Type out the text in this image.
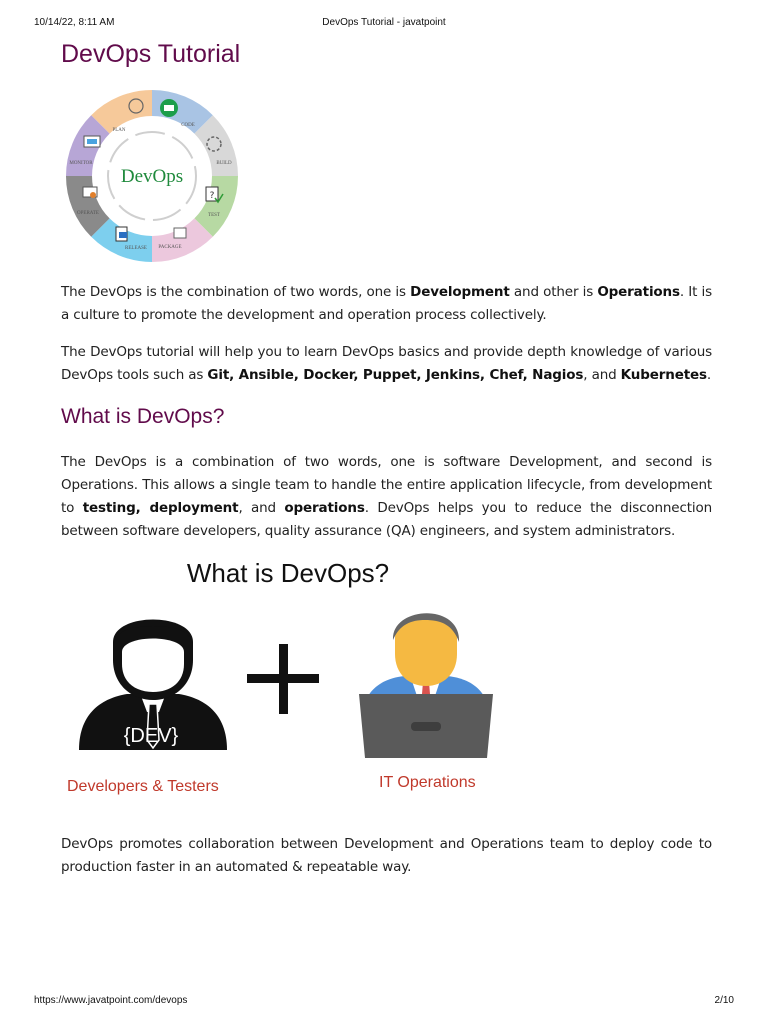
10/14/22, 8:11 AM	DevOps Tutorial - javatpoint
DevOps Tutorial
DevOps
PLAN
CODE
BUILD
TEST
PACKAGE
RELEASE
OPERATE
MONITOR
?

The DevOps is the combination of two words, one is Development and other is Operations. It is a culture to promote the development and operation process collectively.

The DevOps tutorial will help you to learn DevOps basics and provide depth knowledge of various DevOps tools such as Git, Ansible, Docker, Puppet, Jenkins, Chef, Nagios, and Kubernetes.

What is DevOps?

The DevOps is a combination of two words, one is software Development, and second is Operations. This allows a single team to handle the entire application lifecycle, from development to testing, deployment, and operations. DevOps helps you to reduce the disconnection between software developers, quality assurance (QA) engineers, and system administrators.

What is DevOps?
{DEV}
Developers & Testers	IT Operations

DevOps promotes collaboration between Development and Operations team to deploy code to production faster in an automated & repeatable way.

https://www.javatpoint.com/devops	2/10
